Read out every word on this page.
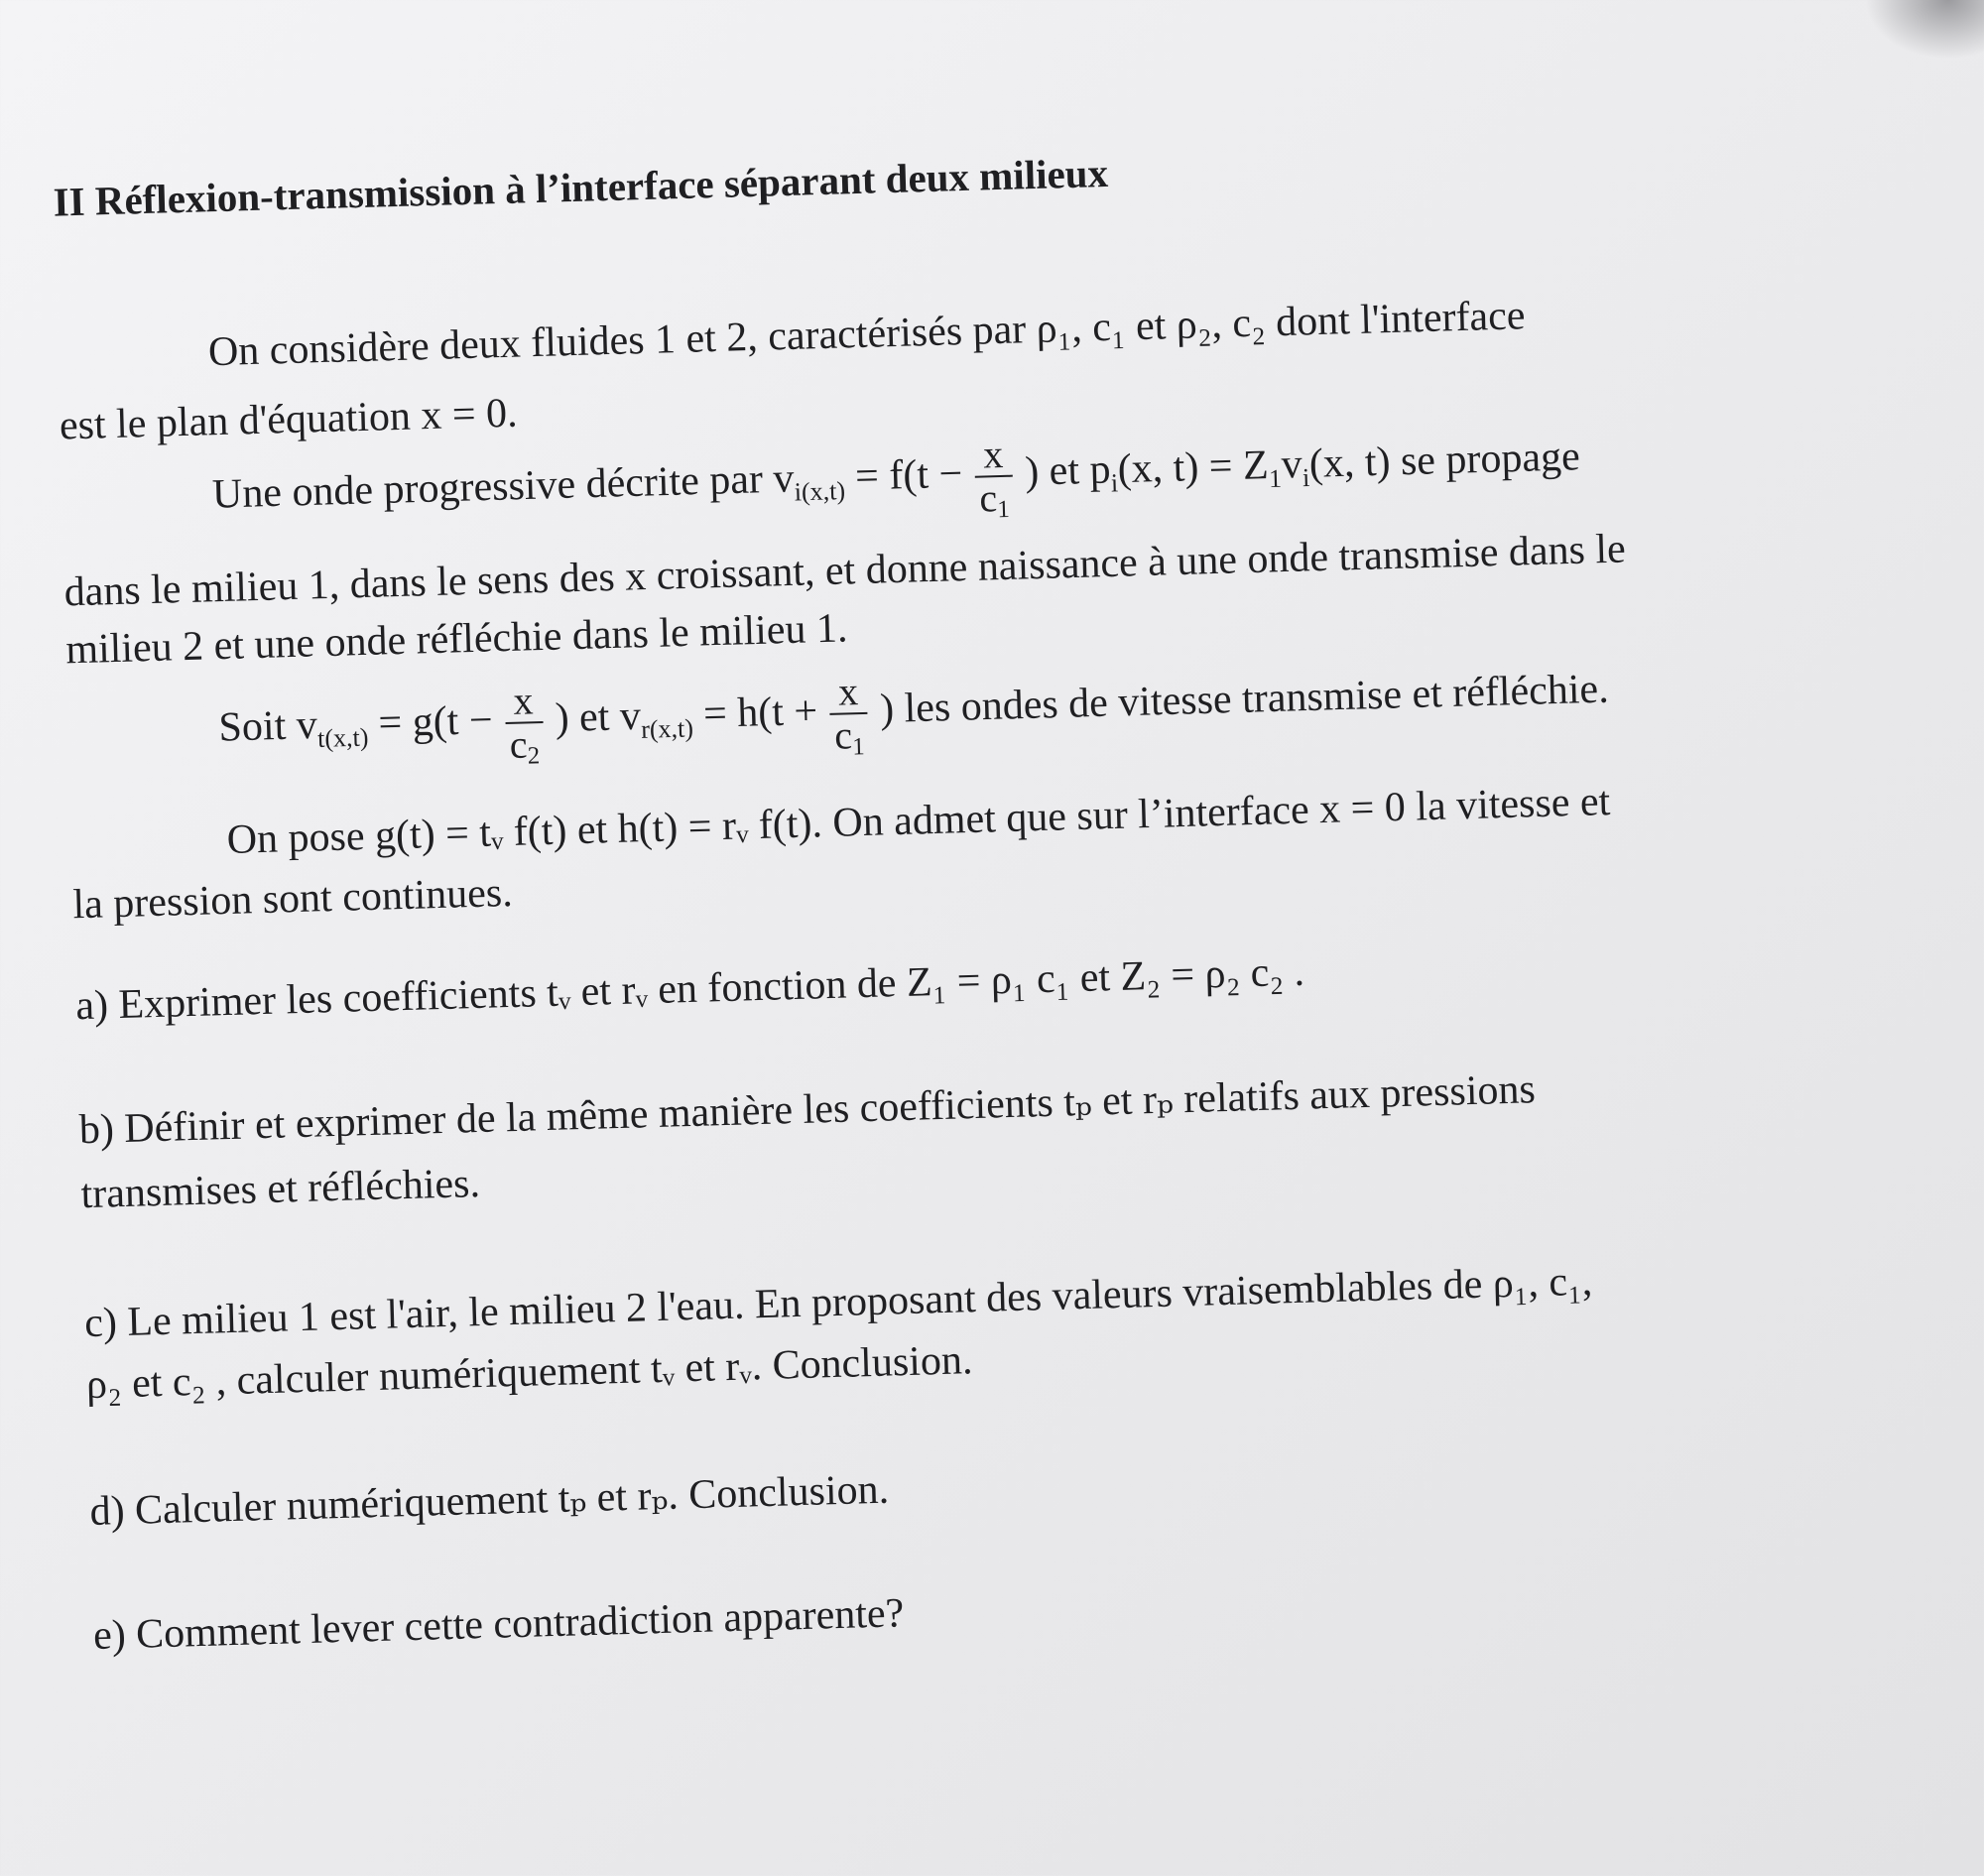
II Réflexion-transmission à l’interface séparant deux milieux
On considère deux fluides 1 et 2, caractérisés par ρ₁, c₁ et ρ₂, c₂ dont l'interface
est le plan d'équation x = 0.
Une onde progressive décrite par $v_{i(x,t)} = f(t - \frac{x}{c_1}$ ) et $p_i(x$, $t) = Z_1v_i(x$, t) se propage
dans le milieu 1, dans le sens des x croissant, et donne naissance à une onde transmise dans le
milieu 2 et une onde réfléchie dans le milieu 1.
Soit $v_{t(x,t)} = g(t - \frac{x}{c_2}$ ) et $v_{r(x,t)} = h(t + \frac{x}{c_1}$ ) les ondes de vitesse transmise et réfléchie.
On pose g(t) = tᵥ f(t) et h(t) = rᵥ f(t). On admet que sur l’interface x = 0 la vitesse et
la pression sont continues.
a) Exprimer les coefficients tᵥ et rᵥ en fonction de Z₁ = ρ₁ c₁ et Z₂ = ρ₂ c₂ .
b) Définir et exprimer de la même manière les coefficients tₚ et rₚ relatifs aux pressions
transmises et réfléchies.
c) Le milieu 1 est l'air, le milieu 2 l'eau. En proposant des valeurs vraisemblables de ρ₁, c₁,
ρ₂ et c₂ , calculer numériquement tᵥ et rᵥ. Conclusion.
d) Calculer numériquement tₚ et rₚ. Conclusion.
e) Comment lever cette contradiction apparente?
